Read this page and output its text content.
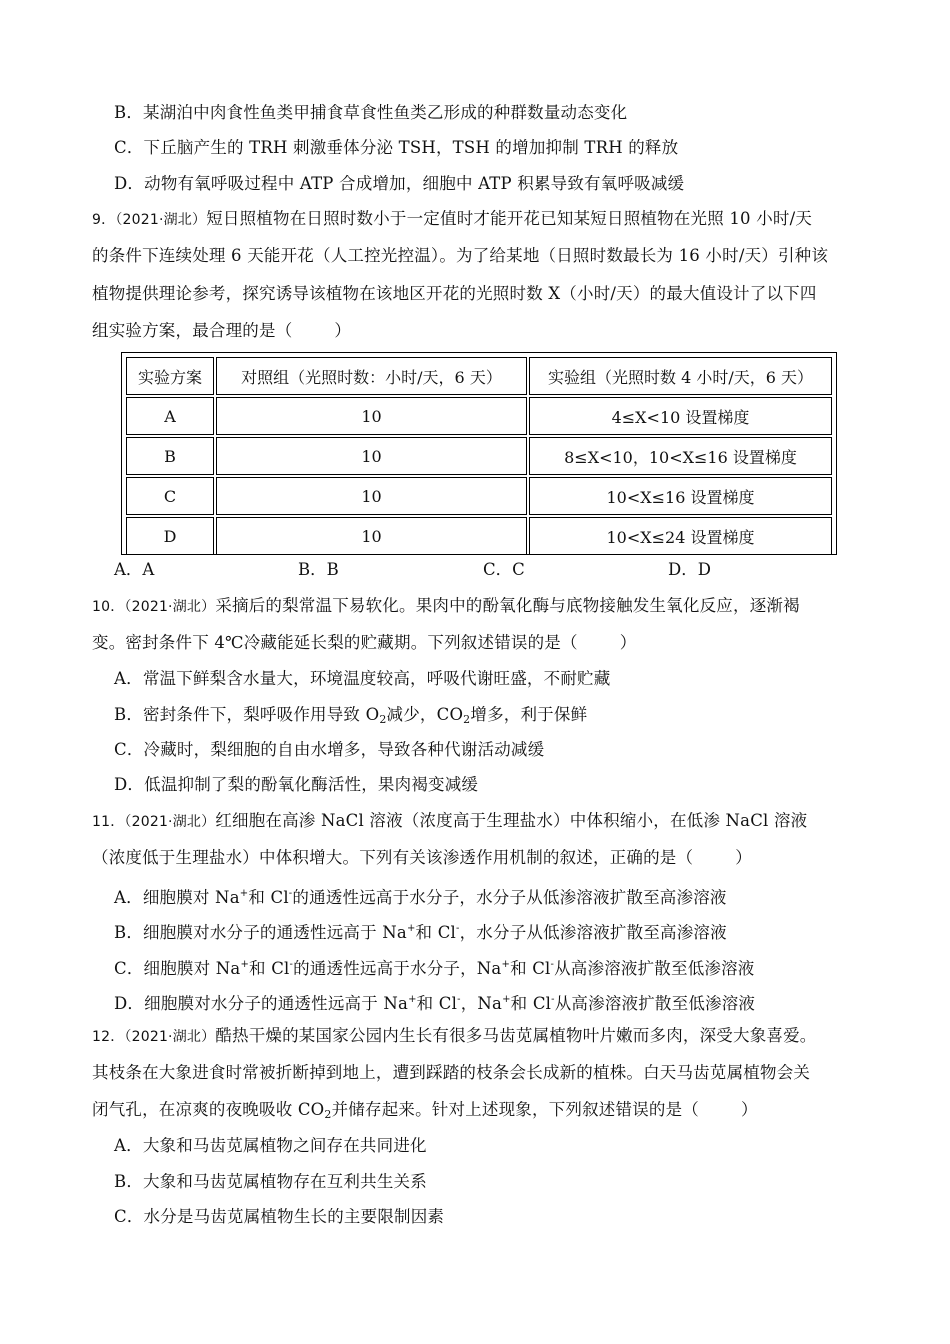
B．某湖泊中肉食性鱼类甲捕食草食性鱼类乙形成的种群数量动态变化
C．下丘脑产生的 TRH 刺激垂体分泌 TSH，TSH 的增加抑制 TRH 的释放
D．动物有氧呼吸过程中 ATP 合成增加，细胞中 ATP 积累导致有氧呼吸减缓
9．（2021·湖北）短日照植物在日照时数小于一定值时才能开花已知某短日照植物在光照 10 小时/天
的条件下连续处理 6 天能开花（人工控光控温）。为了给某地（日照时数最长为 16 小时/天）引种该
植物提供理论参考，探究诱导该植物在该地区开花的光照时数 X（小时/天）的最大值设计了以下四
组实验方案，最合理的是（	）
实验方案	对照组（光照时数：小时/天，6 天）	实验组（光照时数 4 小时/天，6 天）
A	10	4≤X<10 设置梯度
B	10	8≤X<10，10<X≤16 设置梯度
C	10	10<X≤16 设置梯度
D	10	10<X≤24 设置梯度
A．A	B．B	C．C	D．D
10．（2021·湖北）采摘后的梨常温下易软化。果肉中的酚氧化酶与底物接触发生氧化反应，逐渐褐
变。密封条件下 4℃冷藏能延长梨的贮藏期。下列叙述错误的是（	）
A．常温下鲜梨含水量大，环境温度较高，呼吸代谢旺盛，不耐贮藏
B．密封条件下，梨呼吸作用导致 $O_2$减少，$CO_2$增多，利于保鲜
C．冷藏时，梨细胞的自由水增多，导致各种代谢活动减缓
D．低温抑制了梨的酚氧化酶活性，果肉褐变减缓
11．（2021·湖北）红细胞在高渗 NaCl 溶液（浓度高于生理盐水）中体积缩小，在低渗 NaCl 溶液
（浓度低于生理盐水）中体积增大。下列有关该渗透作用机制的叙述，正确的是（	）
A．细胞膜对 Na+和 Cl-的通透性远高于水分子，水分子从低渗溶液扩散至高渗溶液
B．细胞膜对水分子的通透性远高于 Na+和 Cl-，水分子从低渗溶液扩散至高渗溶液
C．细胞膜对 Na+和 Cl-的通透性远高于水分子，Na+和 Cl-从高渗溶液扩散至低渗溶液
D．细胞膜对水分子的通透性远高于 Na+和 Cl-，Na+和 Cl-从高渗溶液扩散至低渗溶液
12．（2021·湖北）酷热干燥的某国家公园内生长有很多马齿苋属植物叶片嫩而多肉，深受大象喜爱。
其枝条在大象进食时常被折断掉到地上，遭到踩踏的枝条会长成新的植株。白天马齿苋属植物会关
闭气孔，在凉爽的夜晚吸收 $CO_2$并储存起来。针对上述现象，下列叙述错误的是（	）
A．大象和马齿苋属植物之间存在共同进化
B．大象和马齿苋属植物存在互利共生关系
C．水分是马齿苋属植物生长的主要限制因素
